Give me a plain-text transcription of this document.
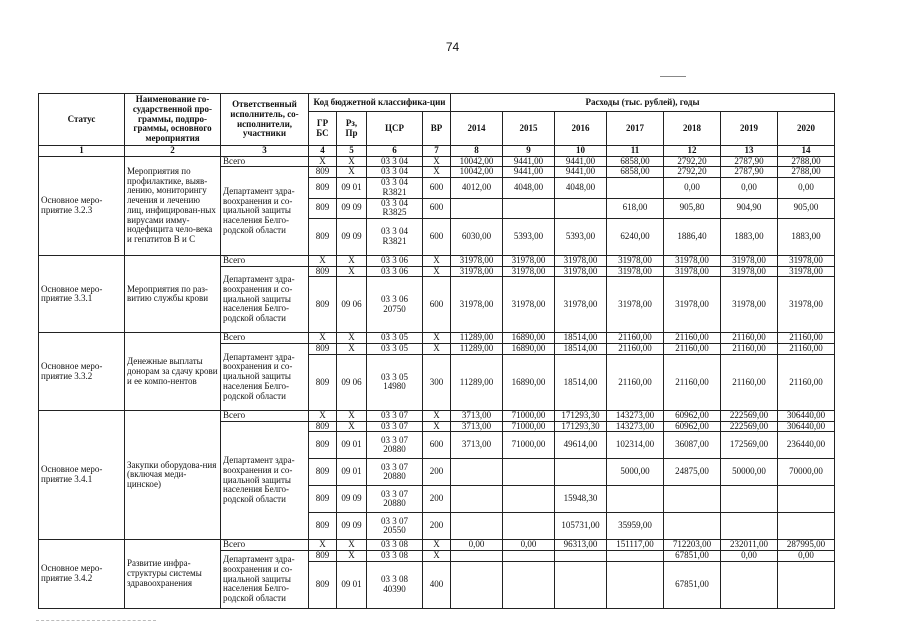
74
Статус	Наименование го-сударственной про-граммы, подпро-граммы, основного мероприятия	Ответственный исполнитель, со-исполнители, участники	Код бюджетной классифика-ции				Расходы (тыс. рублей), годы						
			ГР БС	Рз, Пр	ЦСР	ВР	2014	2015	2016	2017	2018	2019	2020
1	2	3	4	5	6	7	8	9	10	11	12	13	14
Основное меро-приятие 3.2.3	Мероприятия по профилактике, выяв-лению, мониторингу лечения и лечению лиц, инфицирован-ных вирусами имму-нодефицита чело-века и гепатитов В и С	Всего	X	X	03 3 04	X	10042,00	9441,00	9441,00	6858,00	2792,20	2787,90	2788,00
		Департамент здра-воохранения и со-циальной защиты населения Белго-родской области	809	X	03 3 04	X	10042,00	9441,00	9441,00	6858,00	2792,20	2787,90	2788,00
			809	09 01	03 3 04 R3821	600	4012,00	4048,00	4048,00		0,00	0,00	0,00
			809	09 09	03 3 04 R3825	600				618,00	905,80	904,90	905,00
			809	09 09	03 3 04 R3821	600	6030,00	5393,00	5393,00	6240,00	1886,40	1883,00	1883,00
Основное меро-приятие 3.3.1	Мероприятия по раз-витию службы крови	Всего	X	X	03 3 06	X	31978,00	31978,00	31978,00	31978,00	31978,00	31978,00	31978,00
		Департамент здра-воохранения и со-циальной защиты населения Белго-родской области	809	X	03 3 06	X	31978,00	31978,00	31978,00	31978,00	31978,00	31978,00	31978,00
			809	09 06	03 3 06 20750	600	31978,00	31978,00	31978,00	31978,00	31978,00	31978,00	31978,00
Основное меро-приятие 3.3.2	Денежные выплаты донорам за сдачу крови и ее компо-нентов	Всего	X	X	03 3 05	X	11289,00	16890,00	18514,00	21160,00	21160,00	21160,00	21160,00
		Департамент здра-воохранения и со-циальной защиты населения Белго-родской области	809	X	03 3 05	X	11289,00	16890,00	18514,00	21160,00	21160,00	21160,00	21160,00
			809	09 06	03 3 05 14980	300	11289,00	16890,00	18514,00	21160,00	21160,00	21160,00	21160,00
Основное меро-приятие 3.4.1	Закупки оборудова-ния (включая меди-цинское)	Всего	X	X	03 3 07	X	3713,00	71000,00	171293,30	143273,00	60962,00	222569,00	306440,00
		Департамент здра-воохранения и со-циальной защиты населения Белго-родской области	809	X	03 3 07	X	3713,00	71000,00	171293,30	143273,00	60962,00	222569,00	306440,00
			809	09 01	03 3 07 20880	600	3713,00	71000,00	49614,00	102314,00	36087,00	172569,00	236440,00
			809	09 01	03 3 07 20880	200				5000,00	24875,00	50000,00	70000,00
			809	09 09	03 3 07 20880	200			15948,30				
			809	09 09	03 3 07 20550	200			105731,00	35959,00			
Основное меро-приятие 3.4.2	Развитие инфра-структуры системы здравоохранения	Всего	X	X	03 3 08	X	0,00	0,00	96313,00	151117,00	712203,00	232011,00	287995,00
		Департамент здра-воохранения и со-циальной защиты населения Белго-родской области	809	X	03 3 08	X					67851,00	0,00	0,00
			809	09 01	03 3 08 40390	400					67851,00		
